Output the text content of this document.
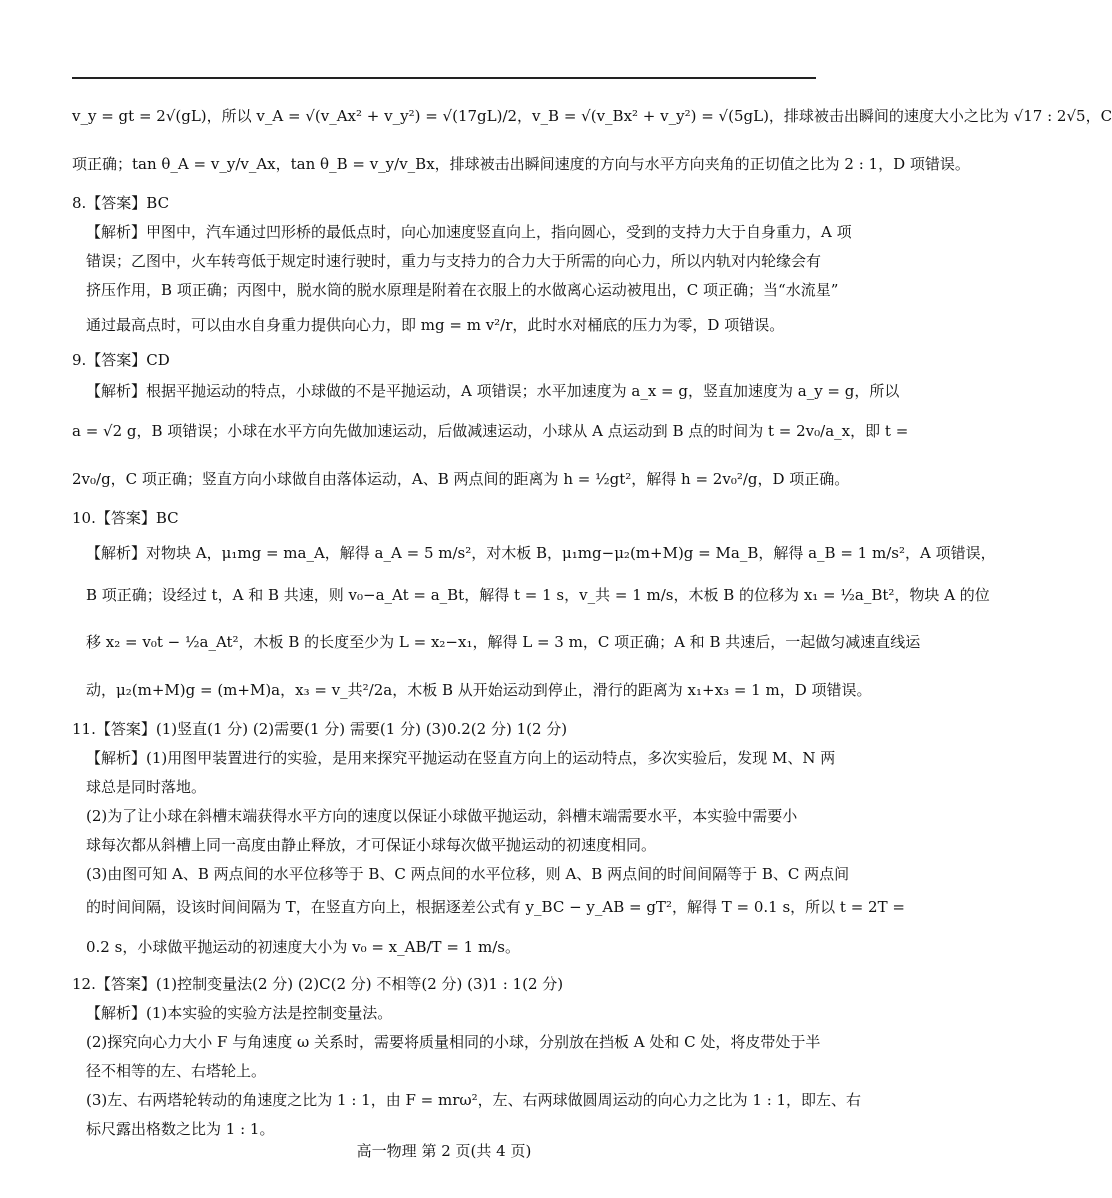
v_y = gt = 2√(gL)，所以 v_A = √(v_Ax² + v_y²) = √(17gL)/2，v_B = √(v_Bx² + v_y²) = √(5gL)，排球被击出瞬间的速度大小之比为 √17 : 2√5，C
项正确；tan θ_A = v_y/v_Ax，tan θ_B = v_y/v_Bx，排球被击出瞬间速度的方向与水平方向夹角的正切值之比为 2 : 1，D 项错误。
8.【答案】BC
【解析】甲图中，汽车通过凹形桥的最低点时，向心加速度竖直向上，指向圆心，受到的支持力大于自身重力，A 项
错误；乙图中，火车转弯低于规定时速行驶时，重力与支持力的合力大于所需的向心力，所以内轨对内轮缘会有
挤压作用，B 项正确；丙图中，脱水筒的脱水原理是附着在衣服上的水做离心运动被甩出，C 项正确；当“水流星”
通过最高点时，可以由水自身重力提供向心力，即 mg = m v²/r，此时水对桶底的压力为零，D 项错误。
9.【答案】CD
【解析】根据平抛运动的特点，小球做的不是平抛运动，A 项错误；水平加速度为 a_x = g，竖直加速度为 a_y = g，所以
a = √2 g，B 项错误；小球在水平方向先做加速运动，后做减速运动，小球从 A 点运动到 B 点的时间为 t = 2v₀/a_x，即 t =
2v₀/g，C 项正确；竖直方向小球做自由落体运动，A、B 两点间的距离为 h = ½gt²，解得 h = 2v₀²/g，D 项正确。
10.【答案】BC
【解析】对物块 A，μ₁mg = ma_A，解得 a_A = 5 m/s²，对木板 B，μ₁mg−μ₂(m+M)g = Ma_B，解得 a_B = 1 m/s²，A 项错误，
B 项正确；设经过 t，A 和 B 共速，则 v₀−a_At = a_Bt，解得 t = 1 s，v_共 = 1 m/s，木板 B 的位移为 x₁ = ½a_Bt²，物块 A 的位
移 x₂ = v₀t − ½a_At²，木板 B 的长度至少为 L = x₂−x₁，解得 L = 3 m，C 项正确；A 和 B 共速后，一起做匀减速直线运
动，μ₂(m+M)g = (m+M)a，x₃ = v_共²/2a，木板 B 从开始运动到停止，滑行的距离为 x₁+x₃ = 1 m，D 项错误。
11.【答案】(1)竖直(1 分) (2)需要(1 分) 需要(1 分) (3)0.2(2 分) 1(2 分)
【解析】(1)用图甲装置进行的实验，是用来探究平抛运动在竖直方向上的运动特点，多次实验后，发现 M、N 两
球总是同时落地。
(2)为了让小球在斜槽末端获得水平方向的速度以保证小球做平抛运动，斜槽末端需要水平，本实验中需要小
球每次都从斜槽上同一高度由静止释放，才可保证小球每次做平抛运动的初速度相同。
(3)由图可知 A、B 两点间的水平位移等于 B、C 两点间的水平位移，则 A、B 两点间的时间间隔等于 B、C 两点间
的时间间隔，设该时间间隔为 T，在竖直方向上，根据逐差公式有 y_BC − y_AB = gT²，解得 T = 0.1 s，所以 t = 2T =
0.2 s，小球做平抛运动的初速度大小为 v₀ = x_AB/T = 1 m/s。
12.【答案】(1)控制变量法(2 分) (2)C(2 分) 不相等(2 分) (3)1 : 1(2 分)
【解析】(1)本实验的实验方法是控制变量法。
(2)探究向心力大小 F 与角速度 ω 关系时，需要将质量相同的小球，分别放在挡板 A 处和 C 处，将皮带处于半
径不相等的左、右塔轮上。
(3)左、右两塔轮转动的角速度之比为 1 : 1，由 F = mrω²，左、右两球做圆周运动的向心力之比为 1 : 1，即左、右
标尺露出格数之比为 1 : 1。
高一物理 第 2 页(共 4 页)
